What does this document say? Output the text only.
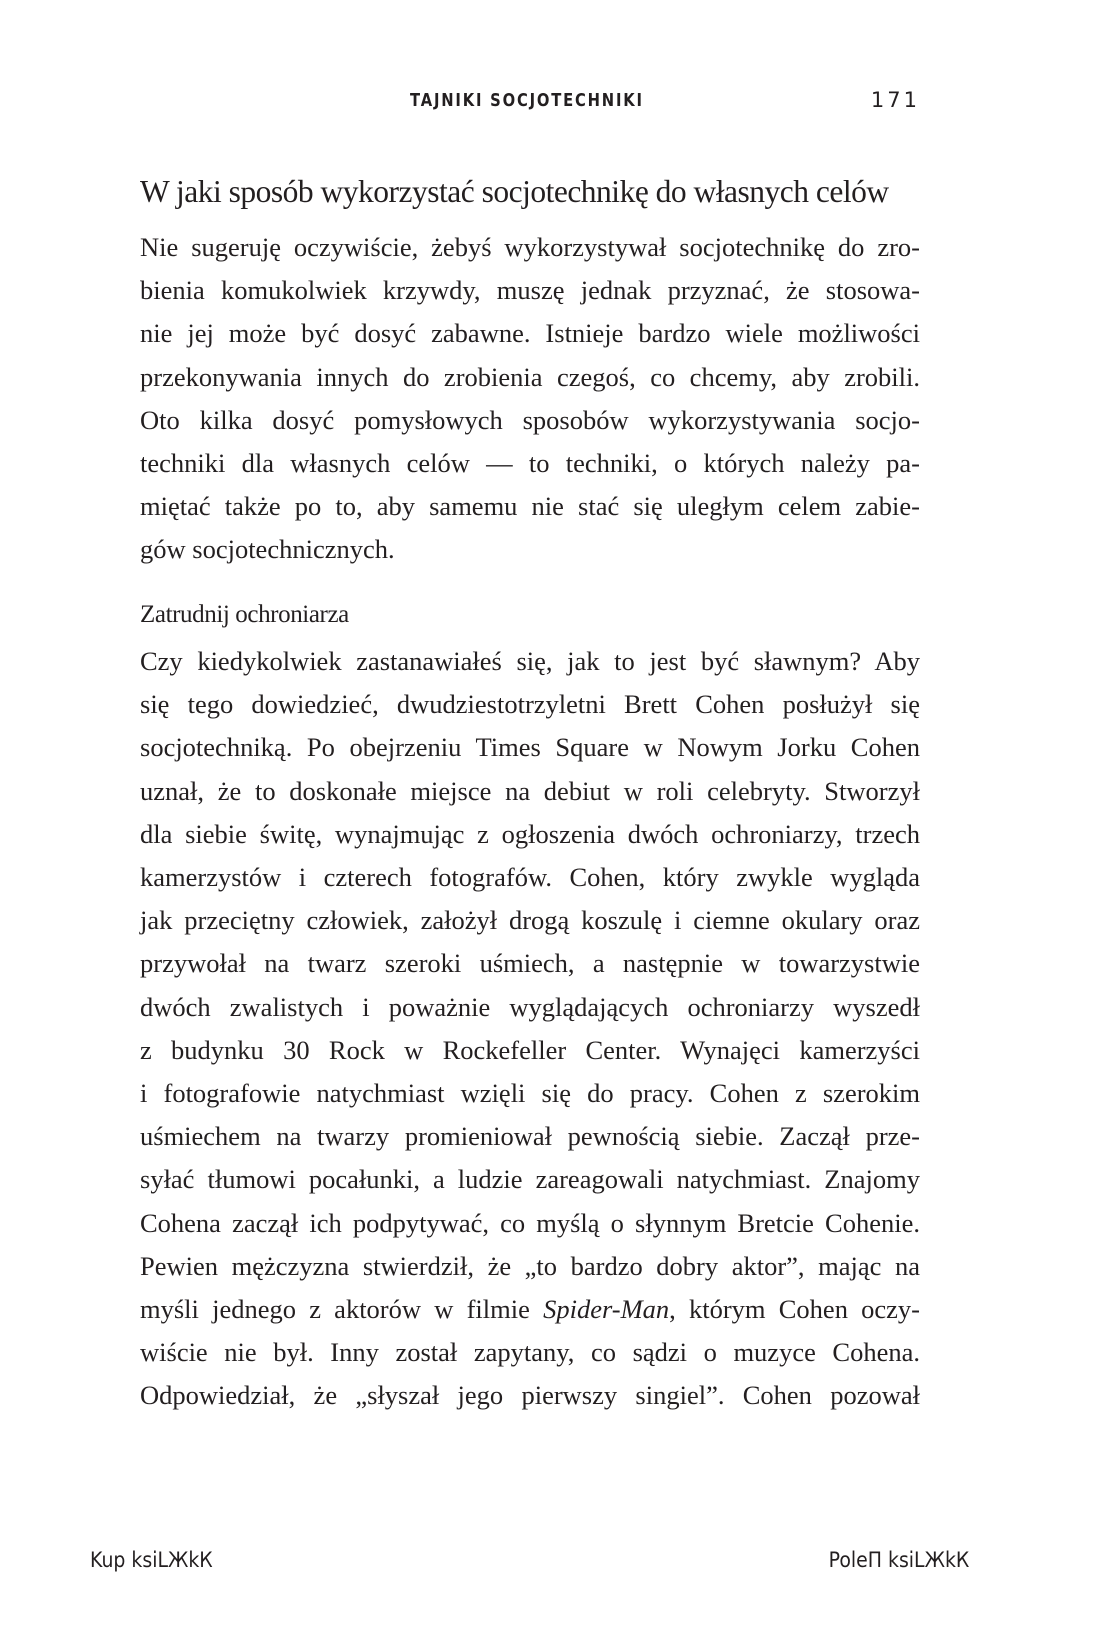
TAJNIKI SOCJOTECHNIKI	171
W jaki sposób wykorzystać socjotechnikę do własnych celów
Nie sugeruję oczywiście, żebyś wykorzystywał socjotechnikę do zro-
bienia komukolwiek krzywdy, muszę jednak przyznać, że stosowa-
nie jej może być dosyć zabawne. Istnieje bardzo wiele możliwości
przekonywania innych do zrobienia czegoś, co chcemy, aby zrobili.
Oto kilka dosyć pomysłowych sposobów wykorzystywania socjo-
techniki dla własnych celów — to techniki, o których należy pa-
miętać także po to, aby samemu nie stać się uległym celem zabie-
gów socjotechnicznych.
Zatrudnij ochroniarza
Czy kiedykolwiek zastanawiałeś się, jak to jest być sławnym? Aby
się tego dowiedzieć, dwudziestotrzyletni Brett Cohen posłużył się
socjotechniką. Po obejrzeniu Times Square w Nowym Jorku Cohen
uznał, że to doskonałe miejsce na debiut w roli celebryty. Stworzył
dla siebie świtę, wynajmując z ogłoszenia dwóch ochroniarzy, trzech
kamerzystów i czterech fotografów. Cohen, który zwykle wygląda
jak przeciętny człowiek, założył drogą koszulę i ciemne okulary oraz
przywołał na twarz szeroki uśmiech, a następnie w towarzystwie
dwóch zwalistych i poważnie wyglądających ochroniarzy wyszedł
z budynku 30 Rock w Rockefeller Center. Wynajęci kamerzyści
i fotografowie natychmiast wzięli się do pracy. Cohen z szerokim
uśmiechem na twarzy promieniował pewnością siebie. Zaczął prze-
syłać tłumowi pocałunki, a ludzie zareagowali natychmiast. Znajomy
Cohena zaczął ich podpytywać, co myślą o słynnym Bretcie Cohenie.
Pewien mężczyzna stwierdził, że „to bardzo dobry aktor”, mając na
myśli jednego z aktorów w filmie Spider-Man, którym Cohen oczy-
wiście nie był. Inny został zapytany, co sądzi o muzyce Cohena.
Odpowiedział, że „słyszał jego pierwszy singiel”. Cohen pozował
Kup ksiLЖkК	PoleП ksiLЖkК
